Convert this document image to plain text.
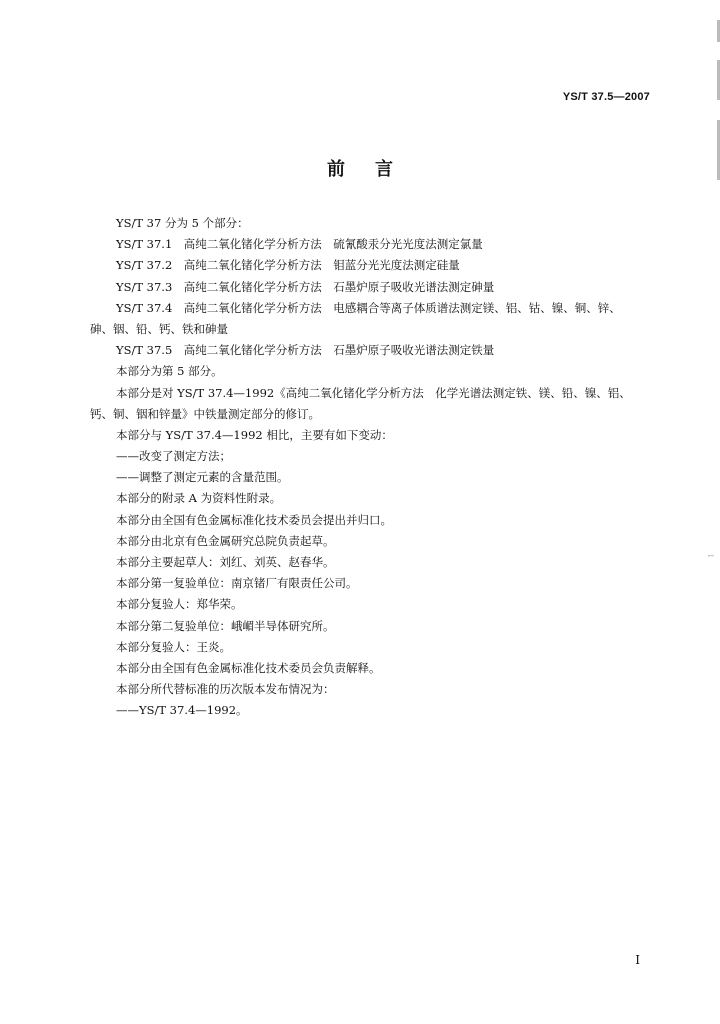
YS/T 37.5—2007
前言
YS/T 37 分为 5 个部分：
YS/T 37.1　高纯二氧化锗化学分析方法　硫氰酸汞分光光度法测定氯量
YS/T 37.2　高纯二氧化锗化学分析方法　钼蓝分光光度法测定硅量
YS/T 37.3　高纯二氧化锗化学分析方法　石墨炉原子吸收光谱法测定砷量
YS/T 37.4　高纯二氧化锗化学分析方法　电感耦合等离子体质谱法测定镁、铝、钴、镍、铜、锌、
砷、铟、铅、钙、铁和砷量
YS/T 37.5　高纯二氧化锗化学分析方法　石墨炉原子吸收光谱法测定铁量
本部分为第 5 部分。
本部分是对 YS/T 37.4—1992《高纯二氧化锗化学分析方法　化学光谱法测定铁、镁、铅、镍、铝、
钙、铜、铟和锌量》中铁量测定部分的修订。
本部分与 YS/T 37.4—1992 相比，主要有如下变动：
——改变了测定方法；
——调整了测定元素的含量范围。
本部分的附录 A 为资料性附录。
本部分由全国有色金属标准化技术委员会提出并归口。
本部分由北京有色金属研究总院负责起草。
本部分主要起草人：刘红、刘英、赵春华。
本部分第一复验单位：南京锗厂有限责任公司。
本部分复验人：郑华荣。
本部分第二复验单位：峨嵋半导体研究所。
本部分复验人：王炎。
本部分由全国有色金属标准化技术委员会负责解释。
本部分所代替标准的历次版本发布情况为：
——YS/T 37.4—1992。
--
I
